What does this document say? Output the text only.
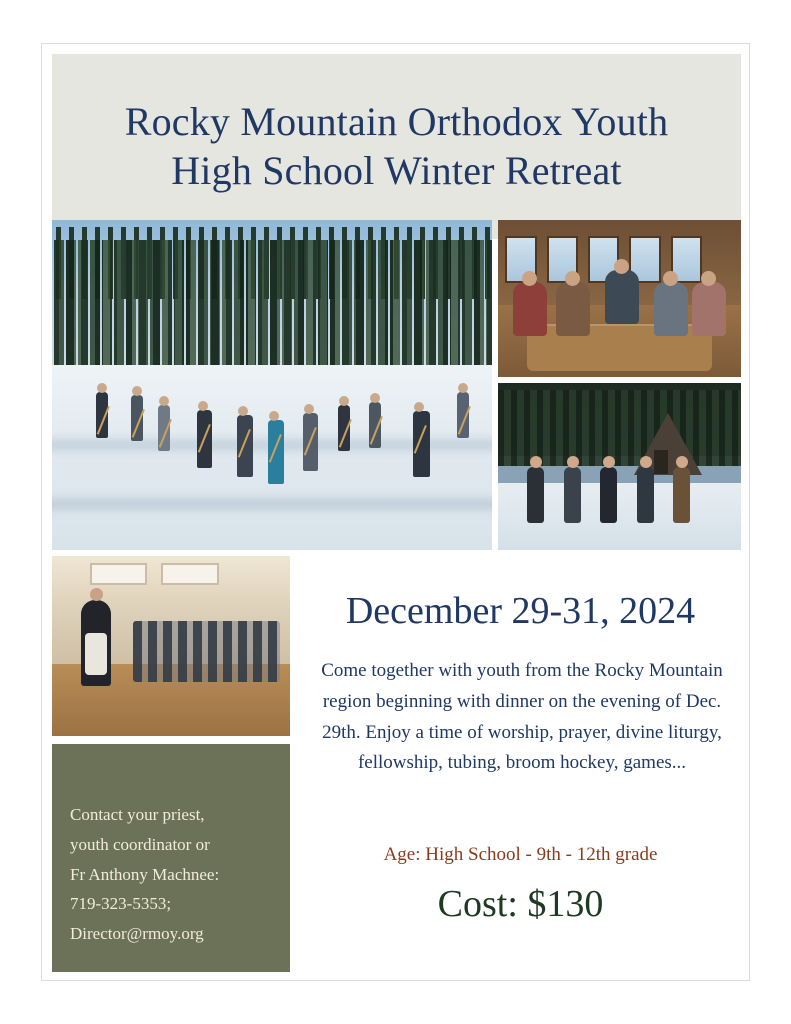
Rocky Mountain Orthodox Youth
High School Winter Retreat
Contact your priest,
youth coordinator or
Fr Anthony Machnee:
719-323-5353;
Director@rmoy.org
December 29-31, 2024
Come together with youth from the Rocky Mountain region beginning with dinner on the evening of Dec. 29th. Enjoy a time of worship, prayer, divine liturgy, fellowship, tubing, broom hockey, games...
Age: High School - 9th - 12th grade
Cost: $130
